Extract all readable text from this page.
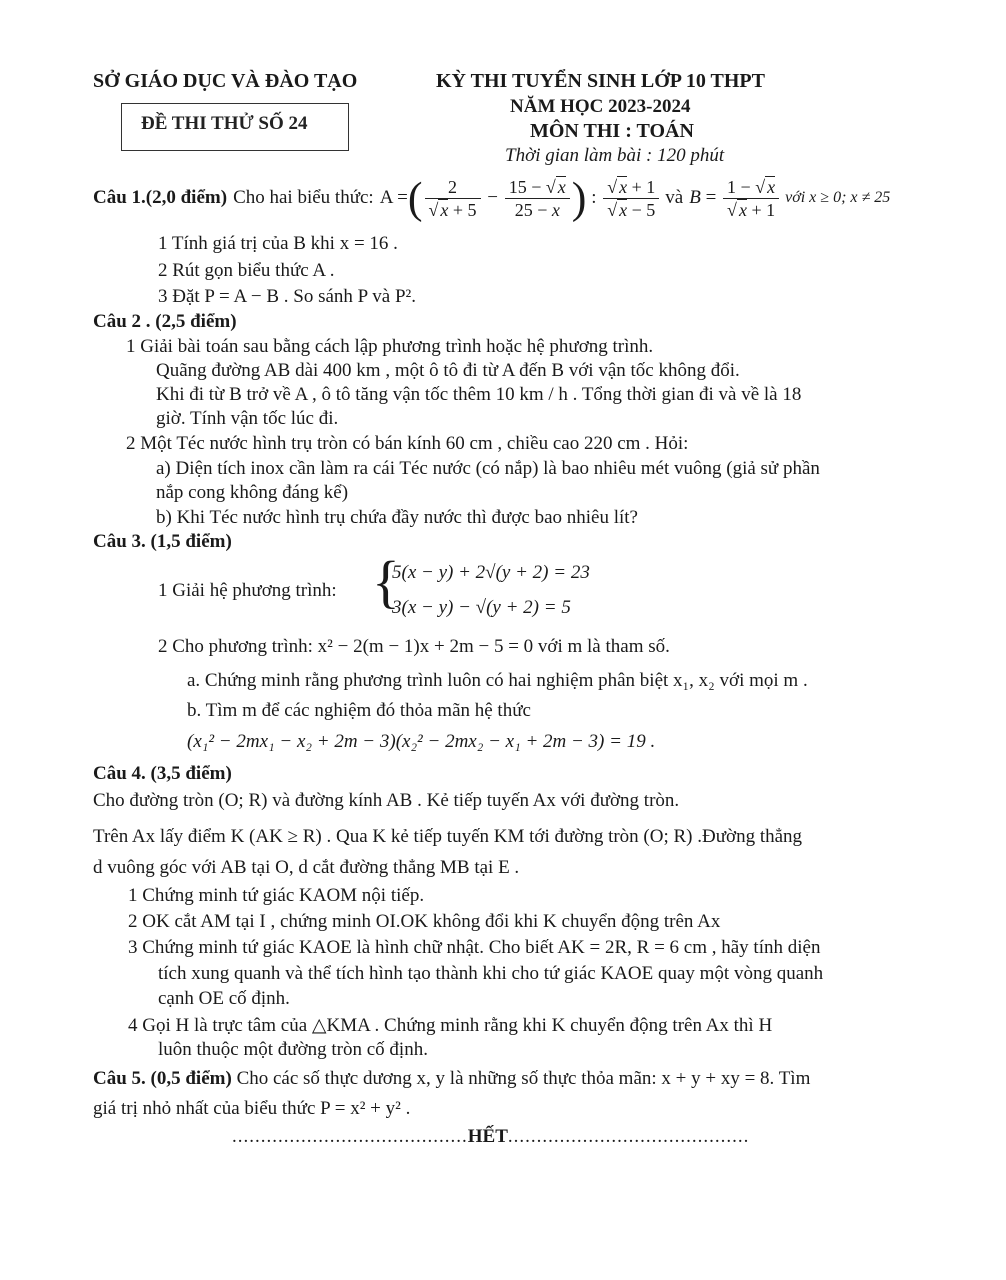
SỞ GIÁO DỤC VÀ ĐÀO TẠO
ĐỀ THI THỬ SỐ 24
KỲ THI TUYỂN SINH LỚP 10 THPT
NĂM HỌC 2023-2024
MÔN THI : TOÁN
Thời gian làm bài : 120 phút
Câu 1.(2,0 điểm) Cho hai biểu thức: A =( $\frac{2}{√ x + 5} - \frac{15 - √ x}{25 - x}$ ) : $\frac{√ x + 1}{√ x - 5}$ và $B = \frac{1 - √ x}{√ x + 1}$ với x ≥ 0; x ≠ 25
1 Tính giá trị của B khi x = 16 .
2 Rút gọn biểu thức A .
3 Đặt P = A − B . So sánh P và P².
Câu 2 . (2,5 điểm)
1 Giải bài toán sau bằng cách lập phương trình hoặc hệ phương trình.
Quãng đường AB dài 400 km , một ô tô đi từ A đến B với vận tốc không đổi.
Khi đi từ B trở về A , ô tô tăng vận tốc thêm 10 km / h . Tổng thời gian đi và về là 18
giờ. Tính vận tốc lúc đi.
2 Một Téc nước hình trụ tròn có bán kính 60 cm , chiều cao 220 cm . Hỏi:
a) Diện tích inox cần làm ra cái Téc nước (có nắp) là bao nhiêu mét vuông (giả sử phần
nắp cong không đáng kể)
b) Khi Téc nước hình trụ chứa đầy nước thì được bao nhiêu lít?
Câu 3. (1,5 điểm)
1 Giải hệ phương trình: {
5(x − y) + 2√(y + 2) = 23
3(x − y) − √(y + 2) = 5
2 Cho phương trình: x² − 2(m − 1)x + 2m − 5 = 0 với m là tham số.
a. Chứng minh rằng phương trình luôn có hai nghiệm phân biệt x₁, x₂ với mọi m .
b. Tìm m để các nghiệm đó thỏa mãn hệ thức
(x₁² − 2mx₁ − x₂ + 2m − 3)(x₂² − 2mx₂ − x₁ + 2m − 3) = 19 .
Câu 4. (3,5 điểm)
Cho đường tròn (O; R) và đường kính AB . Kẻ tiếp tuyến Ax với đường tròn.
Trên Ax lấy điểm K (AK ≥ R) . Qua K kẻ tiếp tuyến KM tới đường tròn (O; R) .Đường thẳng
d vuông góc với AB tại O, d cắt đường thẳng MB tại E .
1 Chứng minh tứ giác KAOM nội tiếp.
2 OK cắt AM tại I , chứng minh OI.OK không đổi khi K chuyển động trên Ax
3 Chứng minh tứ giác KAOE là hình chữ nhật. Cho biết AK = 2R, R = 6 cm , hãy tính diện
tích xung quanh và thể tích hình tạo thành khi cho tứ giác KAOE quay một vòng quanh
cạnh OE cố định.
4 Gọi H là trực tâm của △KMA . Chứng minh rằng khi K chuyển động trên Ax thì H
luôn thuộc một đường tròn cố định.
Câu 5. (0,5 điểm) Cho các số thực dương x, y là những số thực thỏa mãn: x + y + xy = 8. Tìm
giá trị nhỏ nhất của biểu thức P = x² + y² .
.........................................HẾT..........................................
